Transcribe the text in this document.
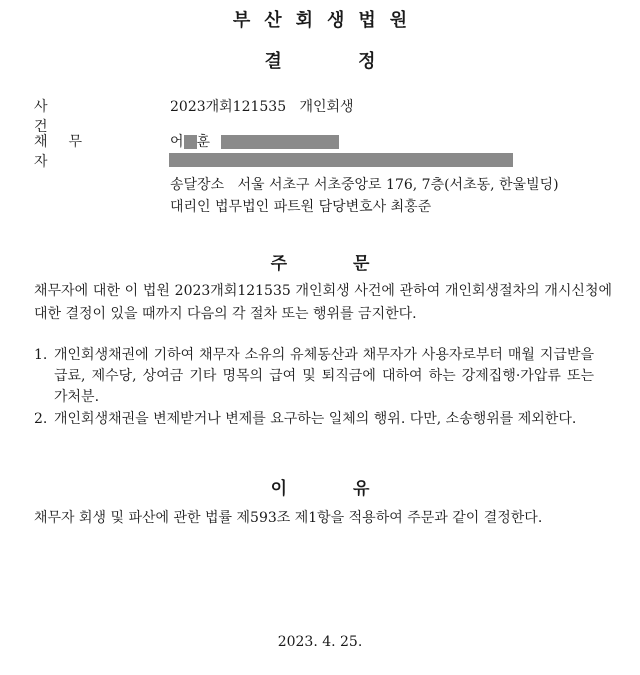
부산회생법원
결 정
사건
2023개회121535   개인회생
채무자
어 훈
송달장소   서울 서초구 서초중앙로 176, 7층(서초동, 한울빌딩)
대리인 법무법인 파트원 담당변호사 최홍준
주 문
채무자에 대한 이 법원 2023개회121535 개인회생 사건에 관하여 개인회생절차의 개시신청에 대한 결정이 있을 때까지 다음의 각 절차 또는 행위를 금지한다.
1. 개인회생채권에 기하여 채무자 소유의 유체동산과 채무자가 사용자로부터 매월 지급받을 급료, 제수당, 상여금 기타 명목의 급여 및 퇴직금에 대하여 하는 강제집행·가압류 또는 가처분.
2. 개인회생채권을 변제받거나 변제를 요구하는 일체의 행위. 다만, 소송행위를 제외한다.
이 유
채무자 회생 및 파산에 관한 법률 제593조 제1항을 적용하여 주문과 같이 결정한다.
2023. 4. 25.
